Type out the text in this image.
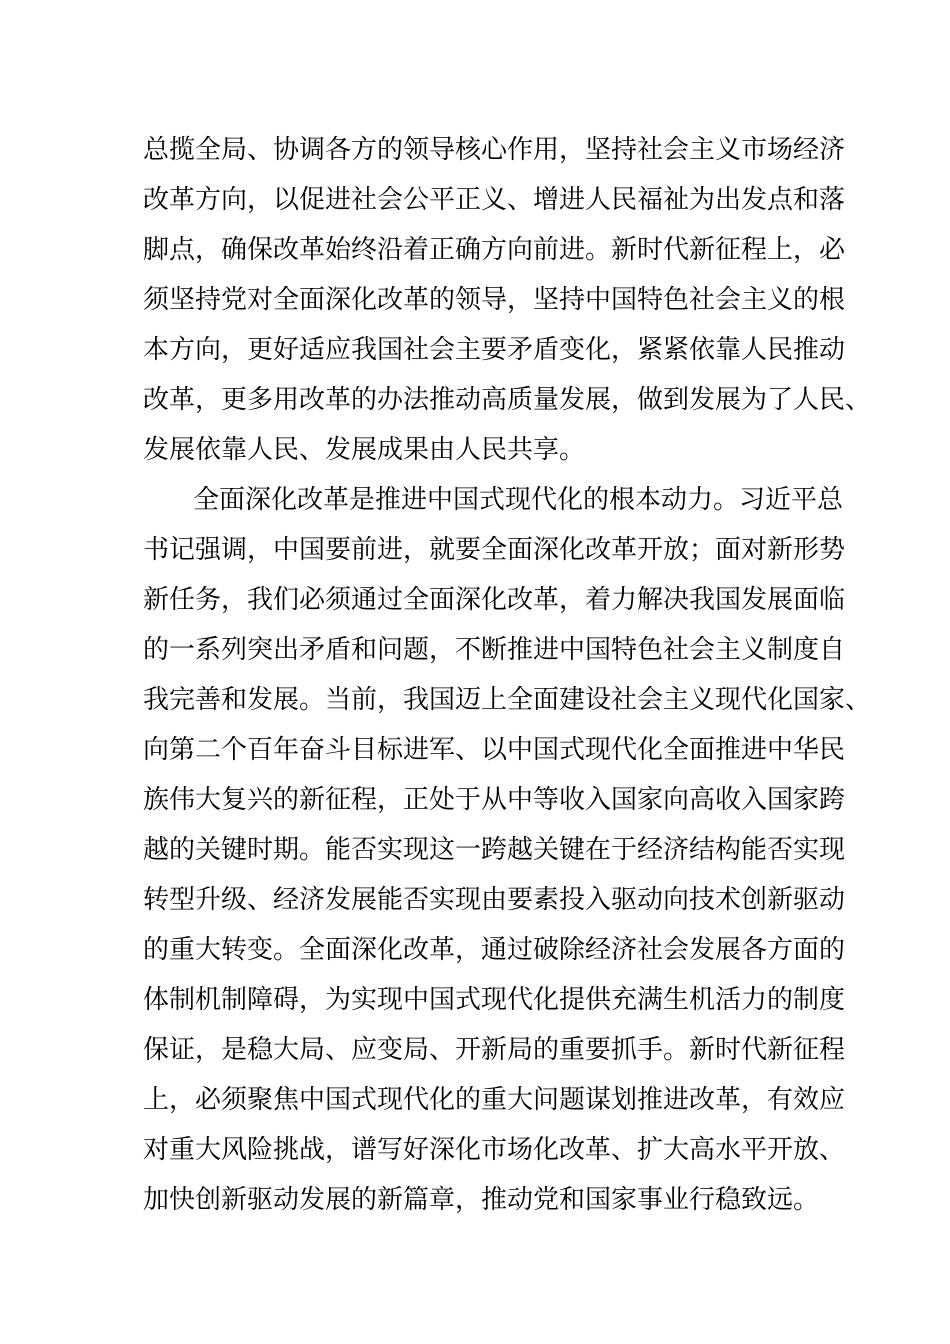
总揽全局、协调各方的领导核心作用，坚持社会主义市场经济
改革方向，以促进社会公平正义、增进人民福祉为出发点和落
脚点，确保改革始终沿着正确方向前进。新时代新征程上，必
须坚持党对全面深化改革的领导，坚持中国特色社会主义的根
本方向，更好适应我国社会主要矛盾变化，紧紧依靠人民推动
改革，更多用改革的办法推动高质量发展，做到发展为了人民、
发展依靠人民、发展成果由人民共享。
全面深化改革是推进中国式现代化的根本动力。习近平总
书记强调，中国要前进，就要全面深化改革开放；面对新形势
新任务，我们必须通过全面深化改革，着力解决我国发展面临
的一系列突出矛盾和问题，不断推进中国特色社会主义制度自
我完善和发展。当前，我国迈上全面建设社会主义现代化国家、
向第二个百年奋斗目标进军、以中国式现代化全面推进中华民
族伟大复兴的新征程，正处于从中等收入国家向高收入国家跨
越的关键时期。能否实现这一跨越关键在于经济结构能否实现
转型升级、经济发展能否实现由要素投入驱动向技术创新驱动
的重大转变。全面深化改革，通过破除经济社会发展各方面的
体制机制障碍，为实现中国式现代化提供充满生机活力的制度
保证，是稳大局、应变局、开新局的重要抓手。新时代新征程
上，必须聚焦中国式现代化的重大问题谋划推进改革，有效应
对重大风险挑战，谱写好深化市场化改革、扩大高水平开放、
加快创新驱动发展的新篇章，推动党和国家事业行稳致远。
